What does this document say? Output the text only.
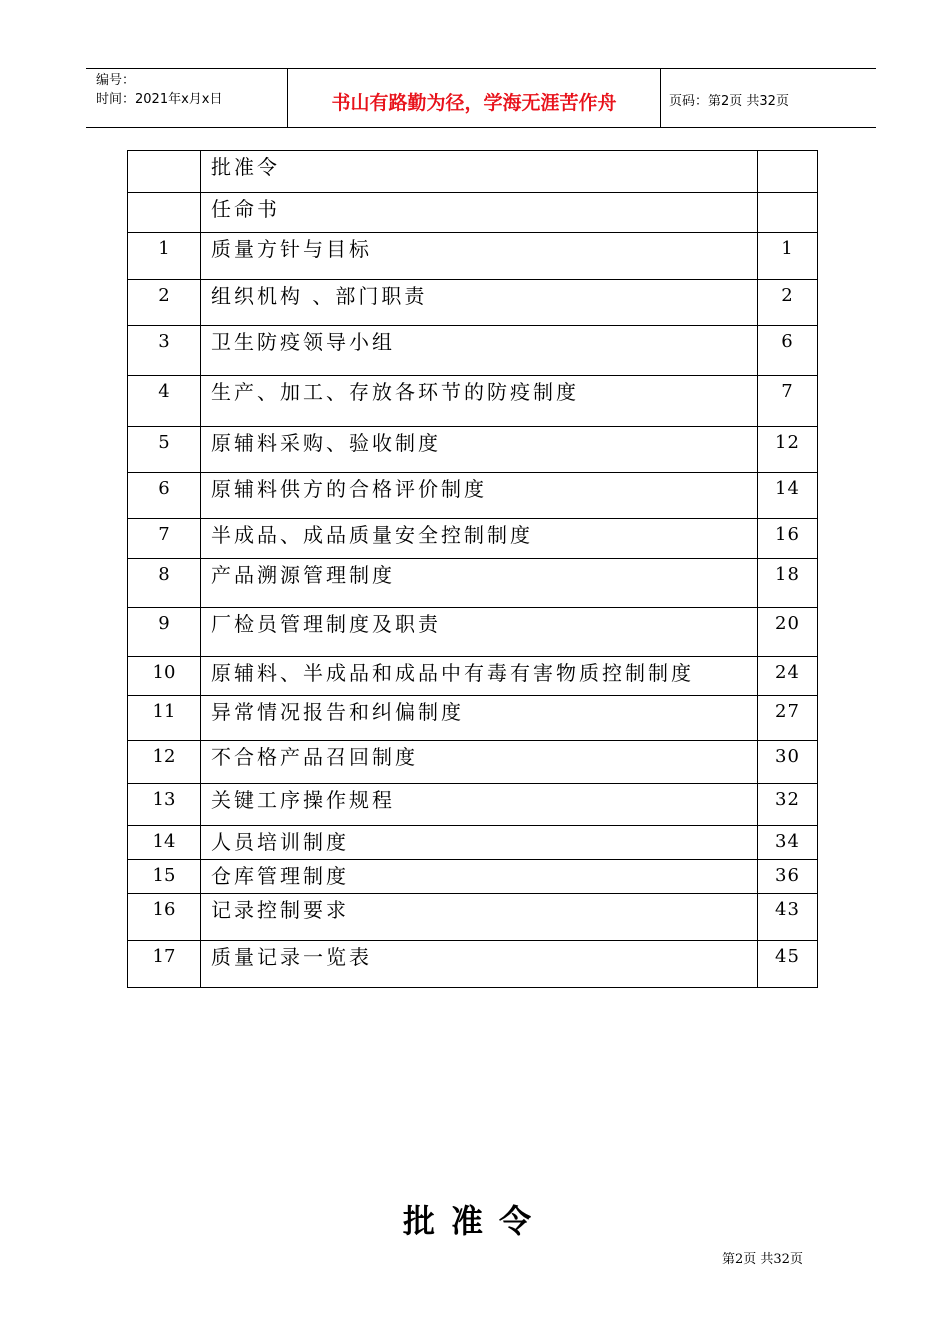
编号：
时间：2021年x月x日	书山有路勤为径，学海无涯苦作舟	页码：第2页 共32页

	批准令	

	任命书	

1	质量方针与目标	1

2	组织机构 、部门职责	2

3	卫生防疫领导小组	6

4	生产、加工、存放各环节的防疫制度	7

5	原辅料采购、验收制度	12

6	原辅料供方的合格评价制度	14

7	半成品、成品质量安全控制制度	16

8	产品溯源管理制度	18

9	厂检员管理制度及职责	20

10	原辅料、半成品和成品中有毒有害物质控制制度	24

11	异常情况报告和纠偏制度	27

12	不合格产品召回制度	30

13	关键工序操作规程	32

14	人员培训制度	34

15	仓库管理制度	36

16	记录控制要求	43

17	质量记录一览表	45
批准令
第2页 共32页
